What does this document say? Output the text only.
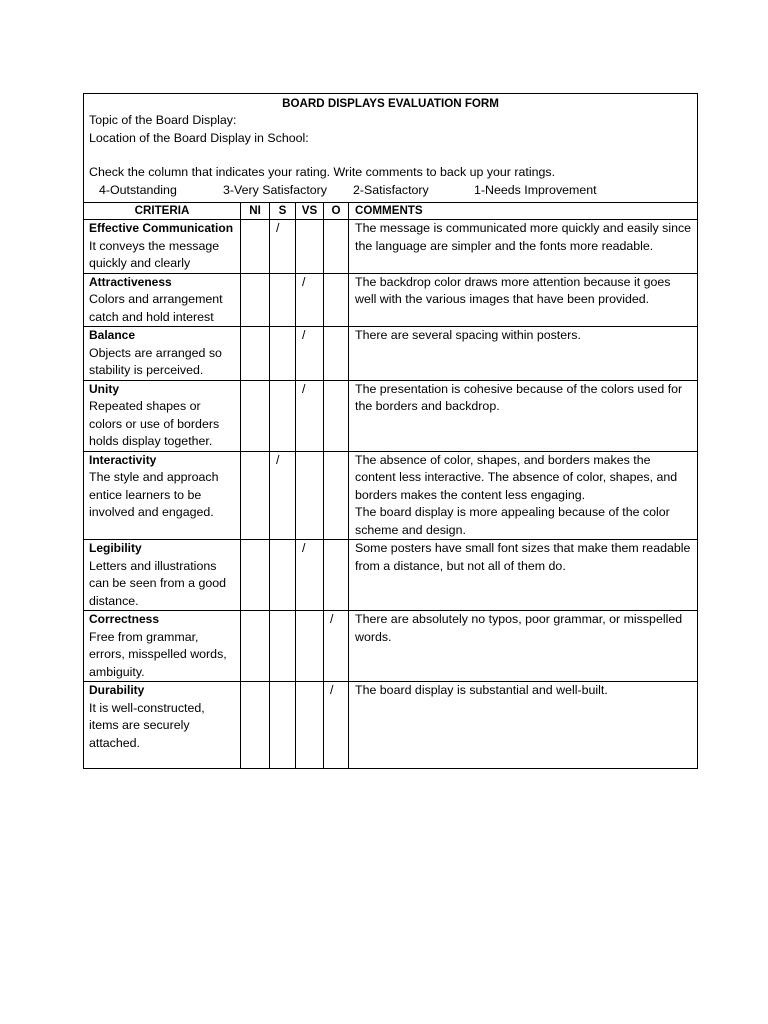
BOARD DISPLAYS EVALUATION FORM
Topic of the Board Display:
Location of the Board Display in School:
Check the column that indicates your rating. Write comments to back up your ratings.
4-Outstanding 3-Very Satisfactory 2-Satisfactory 1-Needs Improvement					

CRITERIA	NI	S	VS	O	COMMENTS

Effective Communication
It conveys the message quickly and clearly		/			The message is communicated more quickly and easily since the language are simpler and the fonts more readable.

Attractiveness
Colors and arrangement catch and hold interest			/		The backdrop color draws more attention because it goes well with the various images that have been provided.

Balance
Objects are arranged so stability is perceived.			/		There are several spacing within posters.

Unity
Repeated shapes or colors or use of borders holds display together.			/		The presentation is cohesive because of the colors used for the borders and backdrop.

Interactivity
The style and approach entice learners to be involved and engaged.		/			The absence of color, shapes, and borders makes the content less interactive. The absence of color, shapes, and borders makes the content less engaging.
The board display is more appealing because of the color scheme and design.

Legibility
Letters and illustrations can be seen from a good distance.			/		Some posters have small font sizes that make them readable from a distance, but not all of them do.

Correctness
Free from grammar, errors, misspelled words, ambiguity.				/	There are absolutely no typos, poor grammar, or misspelled words.

Durability
It is well-constructed, items are securely attached.				/	The board display is substantial and well-built.
